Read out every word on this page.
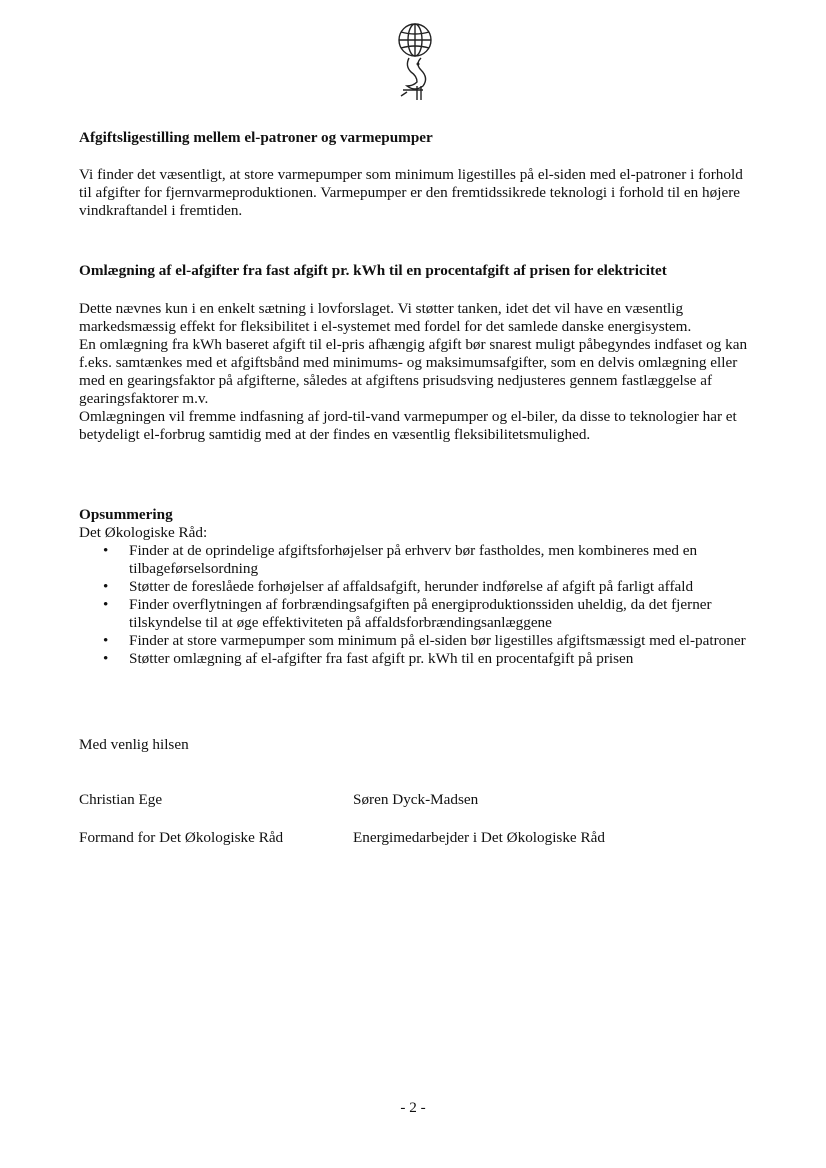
Afgiftsligestilling mellem el-patroner og varmepumper

Vi finder det væsentligt, at store varmepumper som minimum ligestilles på el-siden med el-patroner i forhold til afgifter for fjernvarmeproduktionen. Varmepumper er den fremtidssikrede teknologi i forhold til en højere vindkraftandel i fremtiden.

Omlægning af el-afgifter fra fast afgift pr. kWh til en procentafgift af prisen for elektricitet

Dette nævnes kun i en enkelt sætning i lovforslaget. Vi støtter tanken, idet det vil have en væsentlig markedsmæssig effekt for fleksibilitet i el-systemet med fordel for det samlede danske energisystem.

En omlægning fra kWh baseret afgift til el-pris afhængig afgift bør snarest muligt påbegyndes indfaset og kan f.eks. samtænkes med et afgiftsbånd med minimums- og maksimumsafgifter, som en delvis omlægning eller med en gearingsfaktor på afgifterne, således at afgiftens prisudsving nedjusteres gennem fastlæggelse af gearingsfaktorer m.v.

Omlægningen vil fremme indfasning af jord-til-vand varmepumper og el-biler, da disse to teknologier har et betydeligt el-forbrug samtidig med at der findes en væsentlig fleksibilitetsmulighed.

Opsummering
Det Økologiske Råd:
• Finder at de oprindelige afgiftsforhøjelser på erhverv bør fastholdes, men kombineres med en tilbageførselsordning
• Støtter de foreslåede forhøjelser af affaldsafgift, herunder indførelse af afgift på farligt affald
• Finder overflytningen af forbrændingsafgiften på energiproduktionssiden uheldig, da det fjerner tilskyndelse til at øge effektiviteten på affaldsforbrændingsanlæggene
• Finder at store varmepumper som minimum på el-siden bør ligestilles afgiftsmæssigt med el-patroner
• Støtter omlægning af el-afgifter fra fast afgift pr. kWh til en procentafgift på prisen
Med venlig hilsen
Christian Ege	Søren Dyck-Madsen
Formand for Det Økologiske Råd	Energimedarbejder i Det Økologiske Råd
- 2 -
